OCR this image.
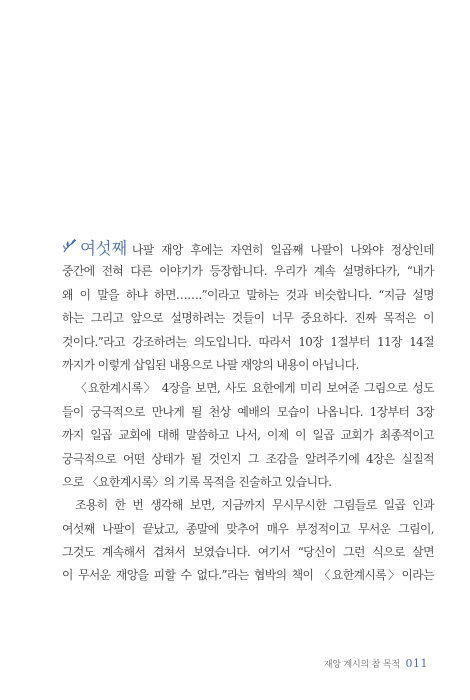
여섯째 나팔 재앙 후에는 자연히 일곱째 나팔이 나와야 정상인데
중간에 전혀 다른 이야기가 등장합니다. 우리가 계속 설명하다가, “내가
왜 이 말을 하냐 하면…….”이라고 말하는 것과 비슷합니다. “지금 설명
하는 그리고 앞으로 설명하려는 것들이 너무 중요하다. 진짜 목적은 이
것이다.”라고 강조하려는 의도입니다. 따라서 10장 1절부터 11장 14절
까지가 이렇게 삽입된 내용으로 나팔 재앙의 내용이 아닙니다.
〈요한계시록〉 4장을 보면, 사도 요한에게 미리 보여준 그림으로 성도
들이 궁극적으로 만나게 될 천상 예배의 모습이 나옵니다. 1장부터 3장
까지 일곱 교회에 대해 말씀하고 나서, 이제 이 일곱 교회가 최종적이고
궁극적으로 어떤 상태가 될 것인지 그 조감을 알려주기에 4장은 실질적
으로 〈요한계시록〉의 기록 목적을 진술하고 있습니다.
조용히 한 번 생각해 보면, 지금까지 무시무시한 그림들로 일곱 인과
여섯째 나팔이 끝났고, 종말에 맞추어 매우 부정적이고 무서운 그림이,
그것도 계속해서 겹쳐서 보였습니다. 여기서 “당신이 그런 식으로 살면
이 무서운 재앙을 피할 수 없다.”라는 협박의 책이 〈요한계시록〉이라는
재앙 계시의 참 목적 011
